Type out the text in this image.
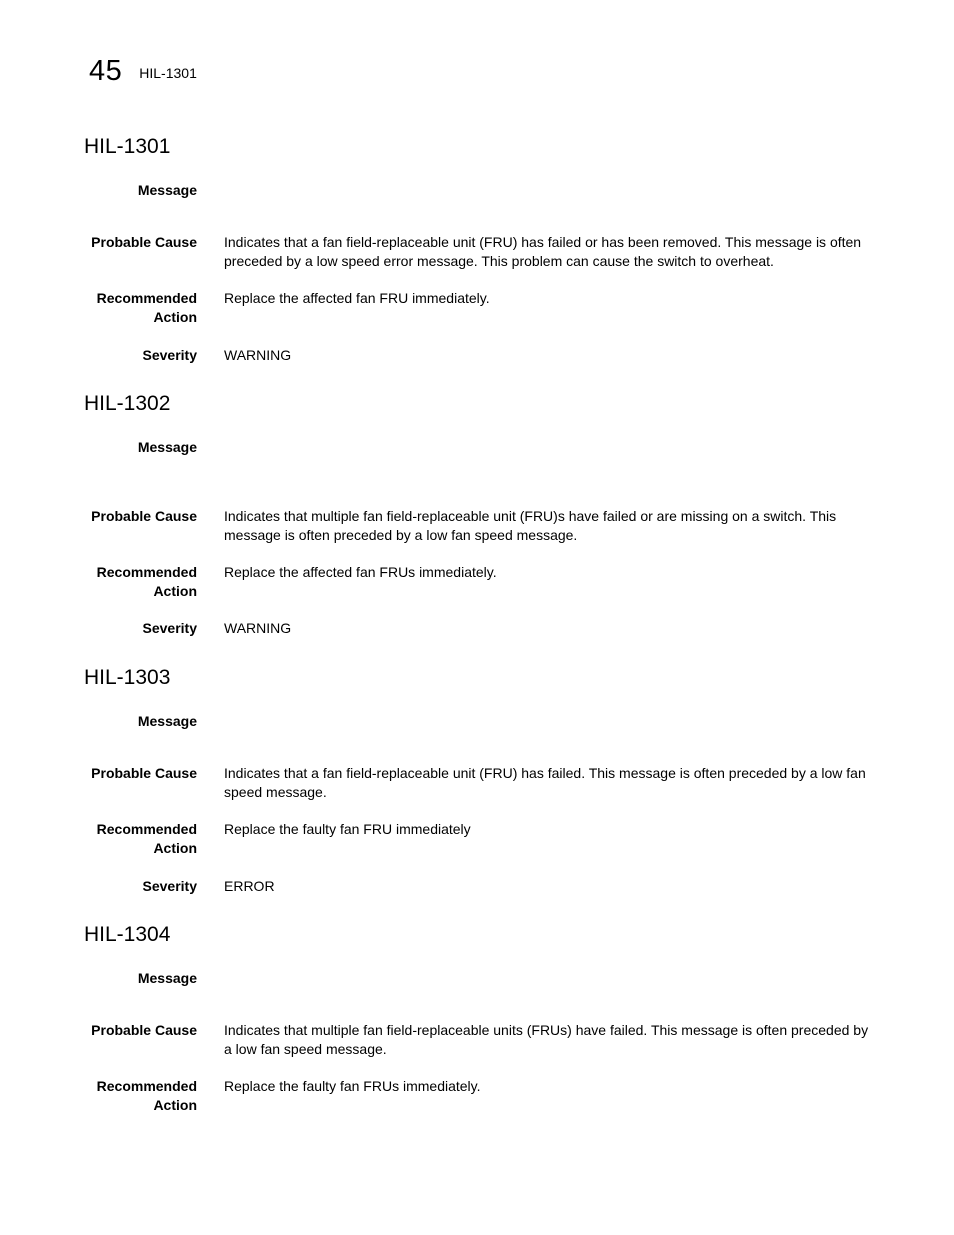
45 HIL-1301
HIL-1301
Message
Probable Cause Indicates that a fan field-replaceable unit (FRU) has failed or has been removed. This message is often preceded by a low speed error message. This problem can cause the switch to overheat.
Recommended
Action
Replace the affected fan FRU immediately.
Severity WARNING
HIL-1302
Message
Probable Cause Indicates that multiple fan field-replaceable unit (FRU)s have failed or are missing on a switch. This message is often preceded by a low fan speed message.
Recommended
Action
Replace the affected fan FRUs immediately.
Severity WARNING
HIL-1303
Message
Probable Cause Indicates that a fan field-replaceable unit (FRU) has failed. This message is often preceded by a low fan speed message.
Recommended
Action
Replace the faulty fan FRU immediately
Severity ERROR
HIL-1304
Message
Probable Cause Indicates that multiple fan field-replaceable units (FRUs) have failed. This message is often preceded by a low fan speed message.
Recommended
Action
Replace the faulty fan FRUs immediately.
